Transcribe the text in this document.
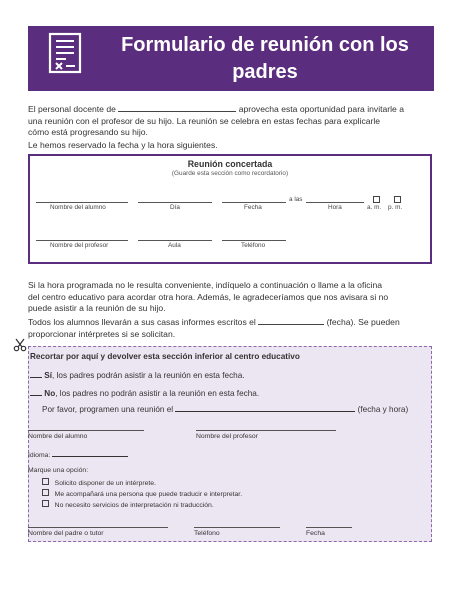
Formulario de reunión con los padres
El personal docente de	aprovecha esta oportunidad para invitarle a
una reunión con el profesor de su hijo. La reunión se celebra en estas fechas para explicarle
cómo está progresando su hijo.
Le hemos reservado la fecha y la hora siguientes.
Reunión concertada
(Guarde esta sección como recordatorio)
a las
Nombre del alumno	Día	Fecha	Hora	a. m. p. m.
Nombre del profesor	Aula	Teléfono
Si la hora programada no le resulta conveniente, indíquelo a continuación o llame a la oficina
del centro educativo para acordar otra hora. Además, le agradeceríamos que nos avisara si no
puede asistir a la reunión de su hijo.
Todos los alumnos llevarán a sus casas informes escritos el	(fecha). Se pueden
proporcionar intérpretes si se solicitan.
Recortar por aquí y devolver esta sección inferior al centro educativo
Sí, los padres podrán asistir a la reunión en esta fecha.
No, los padres no podrán asistir a la reunión en esta fecha.
Por favor, programen una reunión el	(fecha y hora)
Nombre del alumno	Nombre del profesor
Idioma:
Marque una opción:
Solicito disponer de un intérprete.
Me acompañará una persona que puede traducir e interpretar.
No necesito servicios de interpretación ni traducción.
Nombre del padre o tutor	Teléfono	Fecha
